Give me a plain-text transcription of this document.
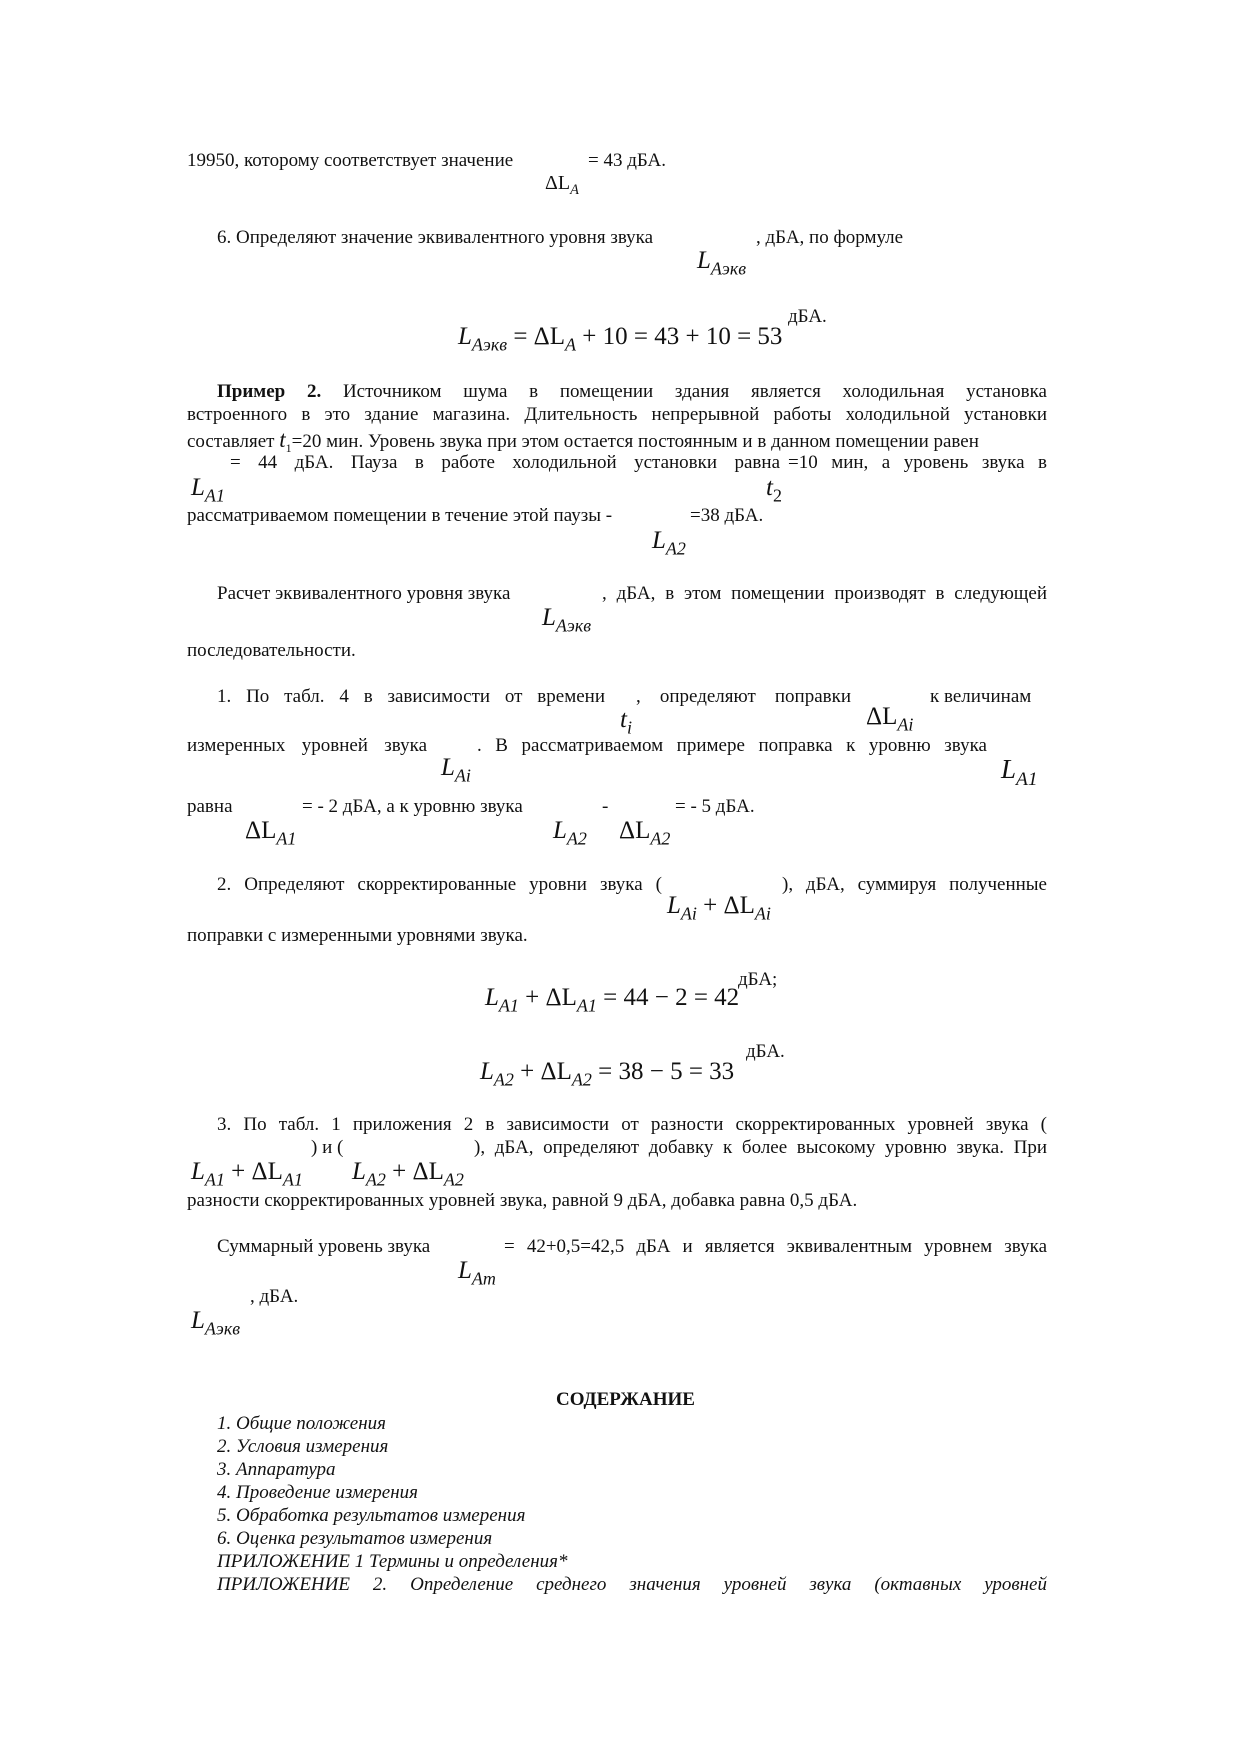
19950, которому соответствует значение	= 43 дБА.
$\Delta L_A$
6. Определяют значение эквивалентного уровня звука	, дБА, по формуле
$L_{Aэкв}$
$L_{Aэкв} = \Delta L_A + 10 = 43 + 10 = 53$
дБА.
Пример 2. Источником шума в помещении здания является холодильная установка
встроенного в это здание магазина. Длительность непрерывной работы холодильной установки
составляет $t_1=20$ мин. Уровень звука при этом остается постоянным и в данном помещении равен
= 44 дБА. Пауза в работе холодильной установки равна =10 мин, а уровень звука в
$L_{A1}$	$t_2$
рассматриваемом помещении в течение этой паузы -	=38 дБА.
$L_{A2}$
Расчет эквивалентного уровня звука	, дБА, в этом помещении производят в следующей
$L_{Aэкв}$
последовательности.
1. По табл. 4 в зависимости от времени , определяют поправки	к величинам
$t_i$	$\Delta L_{Ai}$
измеренных уровней звука	. В рассматриваемом примере поправка к уровню звука
$L_{Ai}$	$L_{A1}$
равна	= - 2 дБА, а к уровню звука	-	= - 5 дБА.
$\Delta L_{A1}$	$L_{A2}$ $\Delta L_{A2}$
2. Определяют скорректированные уровни звука (	), дБА, суммируя полученные
$L_{Ai} + \Delta L_{Ai}$
поправки с измеренными уровнями звука.
$L_{A1} + \Delta L_{A1} = 44 - 2 = 42$
дБА;
$L_{A2} + \Delta L_{A2} = 38 - 5 = 33$
дБА.
3. По табл. 1 приложения 2 в зависимости от разности скорректированных уровней звука (
) и (	), дБА, определяют добавку к более высокому уровню звука. При
$L_{A1} + \Delta L_{A1}$ $L_{A2} + \Delta L_{A2}$
разности скорректированных уровней звука, равной 9 дБА, добавка равна 0,5 дБА.
Суммарный уровень звука	= 42+0,5=42,5 дБА и является эквивалентным уровнем звука
$L_{Am}$
, дБА.
$L_{Aэкв}$
СОДЕРЖАНИЕ
1. Общие положения
2. Условия измерения
3. Аппаратура
4. Проведение измерения
5. Обработка результатов измерения
6. Оценка результатов измерения
ПРИЛОЖЕНИЕ 1 Термины и определения*
ПРИЛОЖЕНИЕ 2. Определение среднего значения уровней звука (октавных уровней
